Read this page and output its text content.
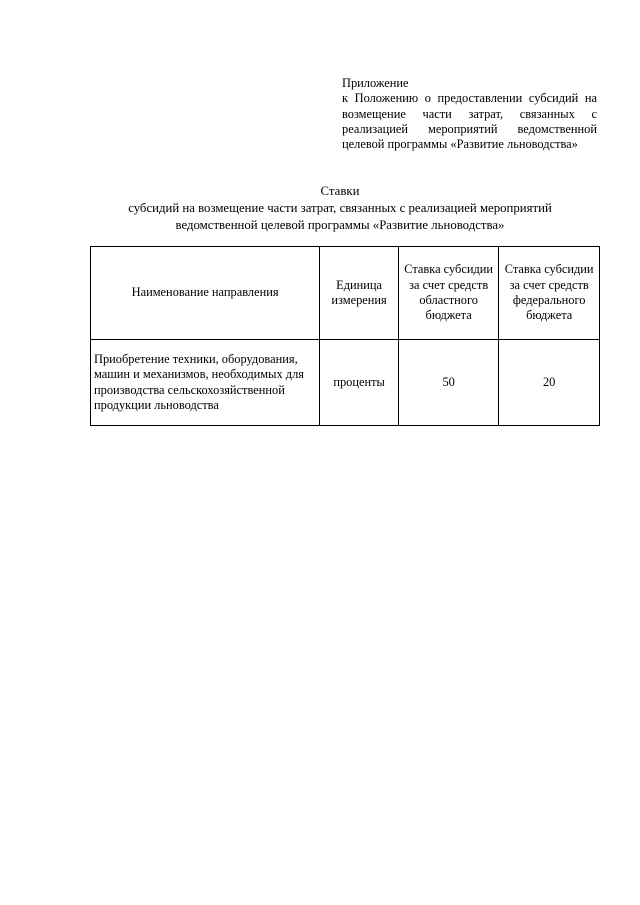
Приложение
к Положению о предоставлении субсидий на возмещение части затрат, связанных с реализацией мероприятий ведомственной целевой программы «Развитие льноводства»
Ставки
субсидий на возмещение части затрат, связанных с реализацией мероприятий
ведомственной целевой программы «Развитие льноводства»
Наименование направления	Единица измерения	Ставка субсидии за счет средств областного бюджета	Ставка субсидии за счет средств федерального бюджета
Приобретение техники, оборудования, машин и механизмов, необходимых для производства сельскохозяйственной продукции льноводства	проценты	50	20
